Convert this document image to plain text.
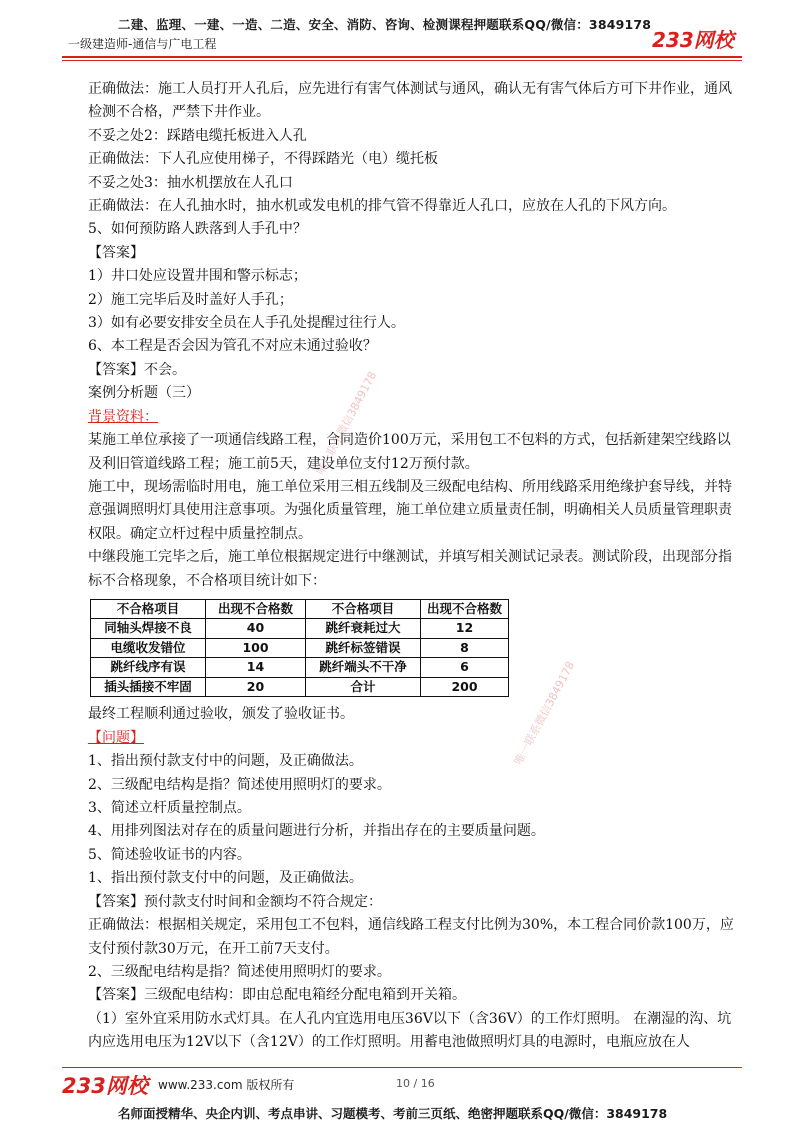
二建、监理、一建、一造、二造、安全、消防、咨询、检测课程押题联系QQ/微信：3849178
一级建造师-通信与广电工程	233网校
唯一联系微信3849178
唯一联系微信3849178

正确做法：施工人员打开人孔后，应先进行有害气体测试与通风，确认无有害气体后方可下井作业，通风检测不合格，严禁下井作业。

不妥之处2：踩踏电缆托板进入人孔

正确做法：下人孔应使用梯子，不得踩踏光（电）缆托板

不妥之处3：抽水机摆放在人孔口

正确做法：在人孔抽水时，抽水机或发电机的排气管不得靠近人孔口，应放在人孔的下风方向。

5、如何预防路人跌落到人手孔中？

【答案】

1）井口处应设置井围和警示标志；

2）施工完毕后及时盖好人手孔；

3）如有必要安排安全员在人手孔处提醒过往行人。

6、本工程是否会因为管孔不对应未通过验收？

【答案】不会。

案例分析题（三）

背景资料：

某施工单位承接了一项通信线路工程，合同造价100万元，采用包工不包料的方式，包括新建架空线路以及利旧管道线路工程；施工前5天，建设单位支付12万预付款。

施工中，现场需临时用电，施工单位采用三相五线制及三级配电结构、所用线路采用绝缘护套导线，并特意强调照明灯具使用注意事项。为强化质量管理，施工单位建立质量责任制，明确相关人员质量管理职责权限。确定立杆过程中质量控制点。

中继段施工完毕之后，施工单位根据规定进行中继测试，并填写相关测试记录表。测试阶段，出现部分指标不合格现象，不合格项目统计如下：

不合格项目	出现不合格数	不合格项目	出现不合格数
同轴头焊接不良	40	跳纤衰耗过大	12
电缆收发错位	100	跳纤标签错误	8
跳纤线序有误	14	跳纤端头不干净	6
插头插接不牢固	20	合计	200

最终工程顺利通过验收，颁发了验收证书。

【问题】

1、指出预付款支付中的问题，及正确做法。

2、三级配电结构是指？简述使用照明灯的要求。

3、简述立杆质量控制点。

4、用排列图法对存在的质量问题进行分析，并指出存在的主要质量问题。

5、简述验收证书的内容。

1、指出预付款支付中的问题，及正确做法。

【答案】预付款支付时间和金额均不符合规定：

正确做法：根据相关规定，采用包工不包料，通信线路工程支付比例为30%，本工程合同价款100万，应支付预付款30万元，在开工前7天支付。

2、三级配电结构是指？简述使用照明灯的要求。

【答案】三级配电结构：即由总配电箱经分配电箱到开关箱。

（1）室外宜采用防水式灯具。在人孔内宜选用电压36V以下（含36V）的工作灯照明。 在潮湿的沟、坑内应选用电压为12V以下（含12V）的工作灯照明。用蓄电池做照明灯具的电源时，电瓶应放在人

233网校 www.233.com 版权所有	10 / 16
名师面授精华、央企内训、考点串讲、习题模考、考前三页纸、绝密押题联系QQ/微信：3849178
